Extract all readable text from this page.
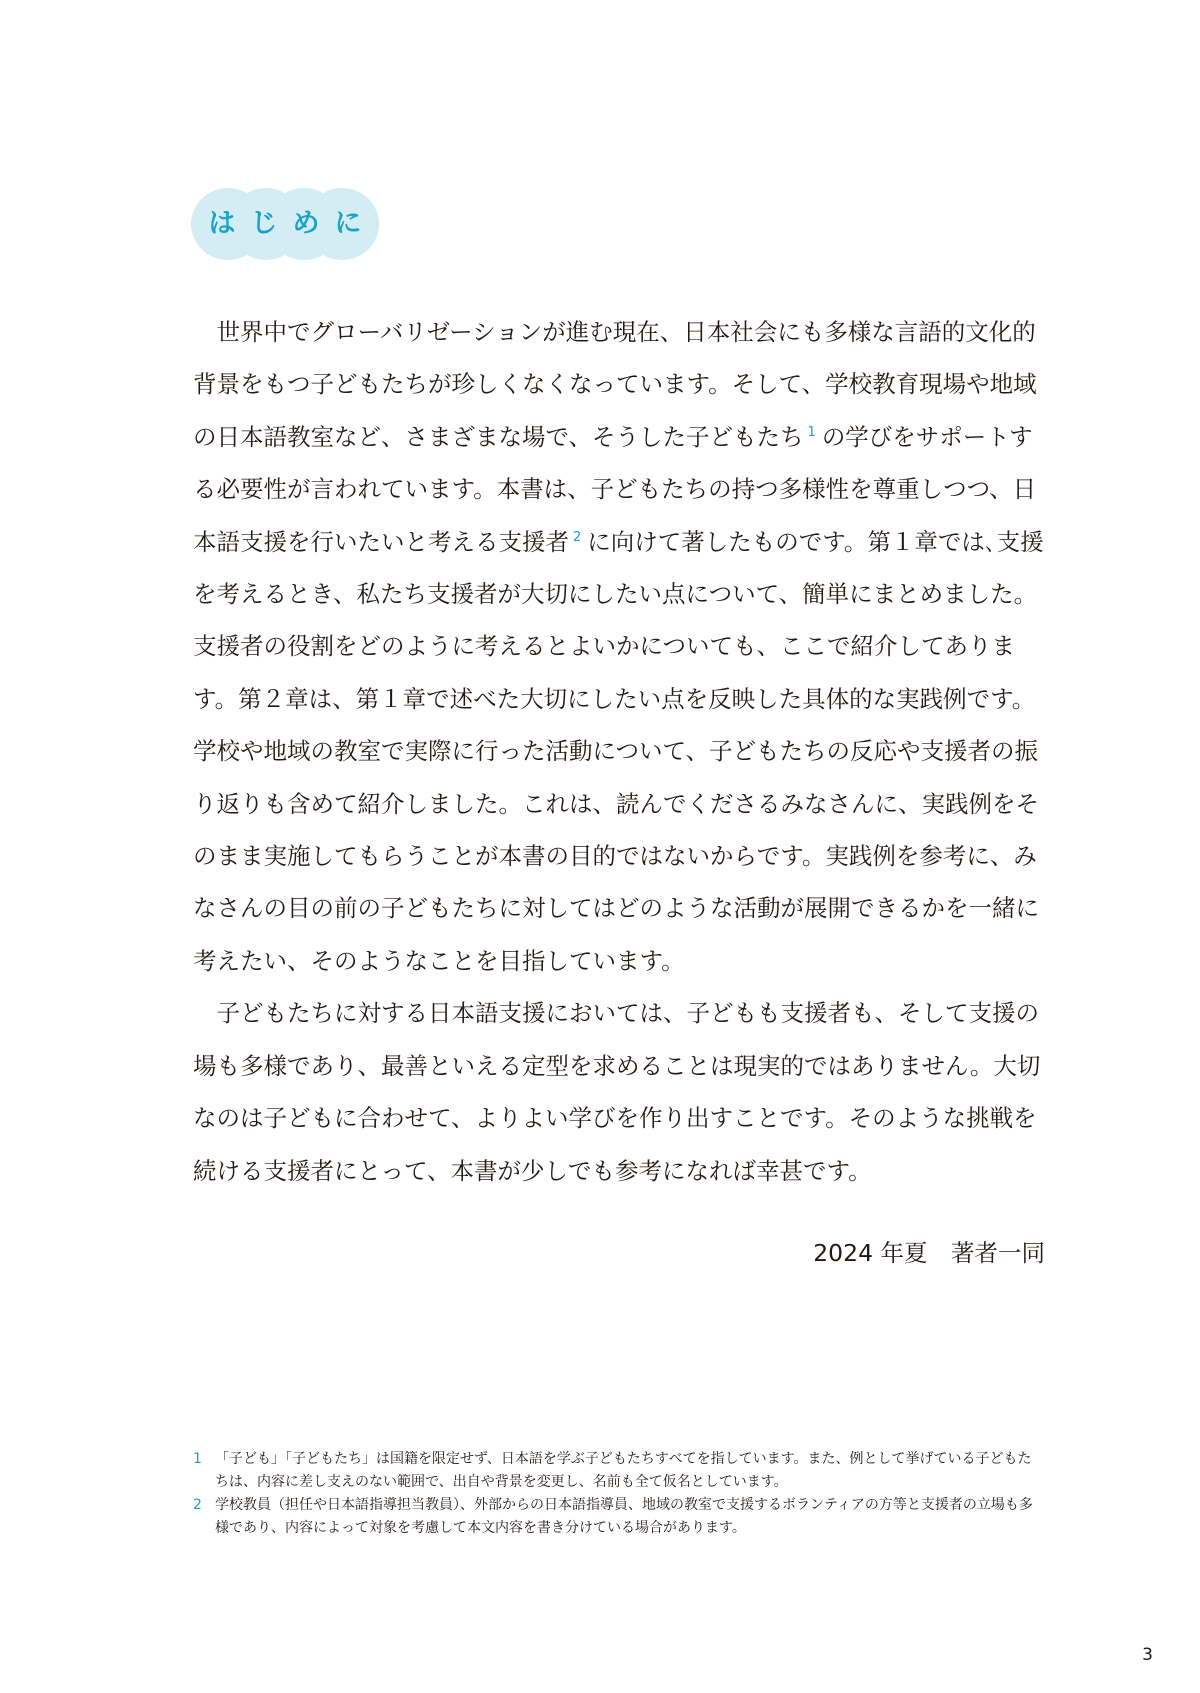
はじめに

世界中でグローバリゼーションが進む現在、日本社会にも多様な言語的文化的背景をもつ子どもたちが珍しくなくなっています。そして、学校教育現場や地域の日本語教室など、さまざまな場で、そうした子どもたち $^1$ の学びをサポートする必要性が言われています。本書は、子どもたちの持つ多様性を尊重しつつ、日本語支援を行いたいと考える支援者 $^2$ に向けて著したものです。第１章では､支援を考えるとき、私たち支援者が大切にしたい点について、簡単にまとめました。支援者の役割をどのように考えるとよいかについても、ここで紹介してあります。第２章は、第１章で述べた大切にしたい点を反映した具体的な実践例です。学校や地域の教室で実際に行った活動について、子どもたちの反応や支援者の振り返りも含めて紹介しました。これは、読んでくださるみなさんに、実践例をそのまま実施してもらうことが本書の目的ではないからです。実践例を参考に、みなさんの目の前の子どもたちに対してはどのような活動が展開できるかを一緒に考えたい、そのようなことを目指しています。

子どもたちに対する日本語支援においては、子どもも支援者も、そして支援の場も多様であり、最善といえる定型を求めることは現実的ではありません。大切なのは子どもに合わせて、よりよい学びを作り出すことです。そのような挑戦を続ける支援者にとって、本書が少しでも参考になれば幸甚です。

2024 年夏　著者一同
1 「子ども」「子どもたち」は国籍を限定せず、日本語を学ぶ子どもたちすべてを指しています。また、例として挙げている子どもたちは、内容に差し支えのない範囲で、出自や背景を変更し、名前も全て仮名としています。
2 学校教員（担任や日本語指導担当教員）、外部からの日本語指導員、地域の教室で支援するボランティアの方等と支援者の立場も多様であり、内容によって対象を考慮して本文内容を書き分けている場合があります。
3
